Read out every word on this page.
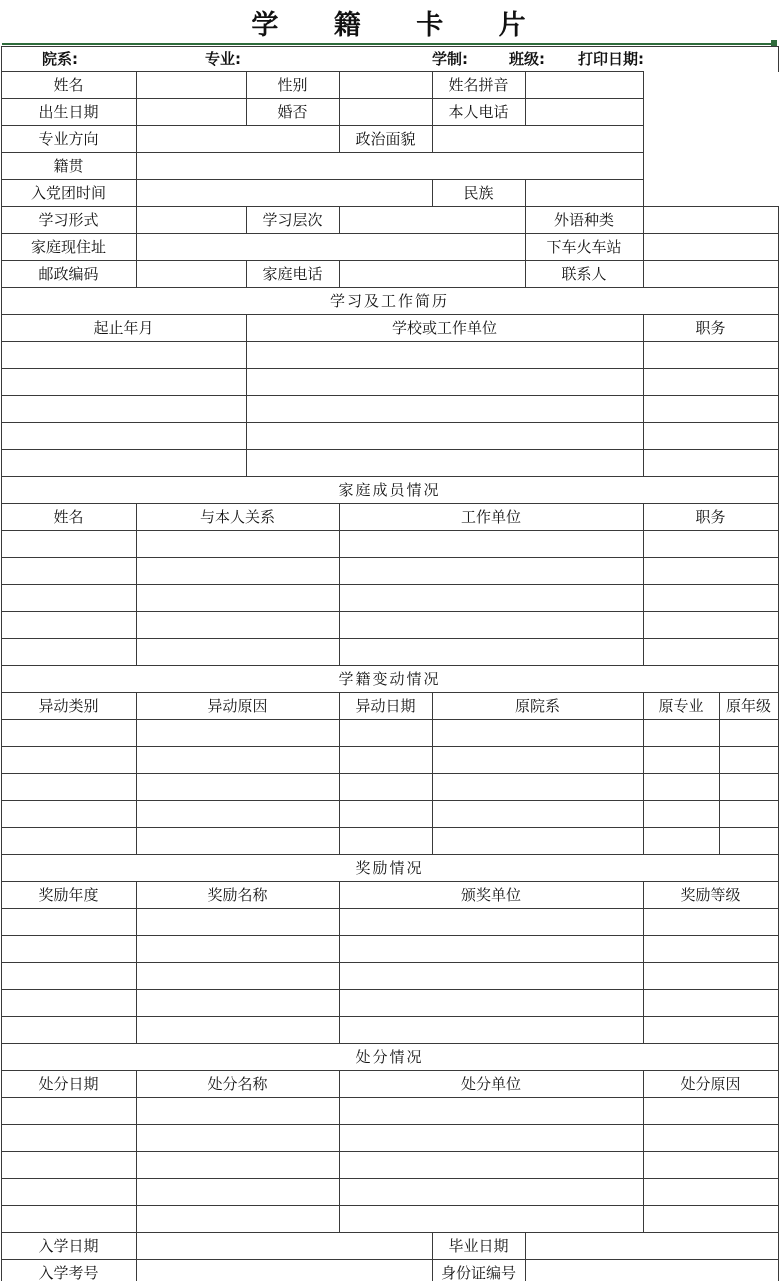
学 籍 卡 片
院系:	专业:	学制:	班级: 打印日期:
姓名	性别	姓名拼音
出生日期	婚否	本人电话
专业方向	政治面貌
籍贯
入党团时间	民族
学习形式	学习层次	外语种类
家庭现住址	下车火车站
邮政编码	家庭电话	联系人
学习及工作简历
起止年月	学校或工作单位	职务
家庭成员情况
姓名	与本人关系	工作单位	职务
学籍变动情况
异动类别	异动原因	异动日期	原院系	原专业	原年级
奖励情况
奖励年度	奖励名称	颁奖单位	奖励等级
处分情况
处分日期	处分名称	处分单位	处分原因
入学日期	毕业日期
入学考号	身份证编号
